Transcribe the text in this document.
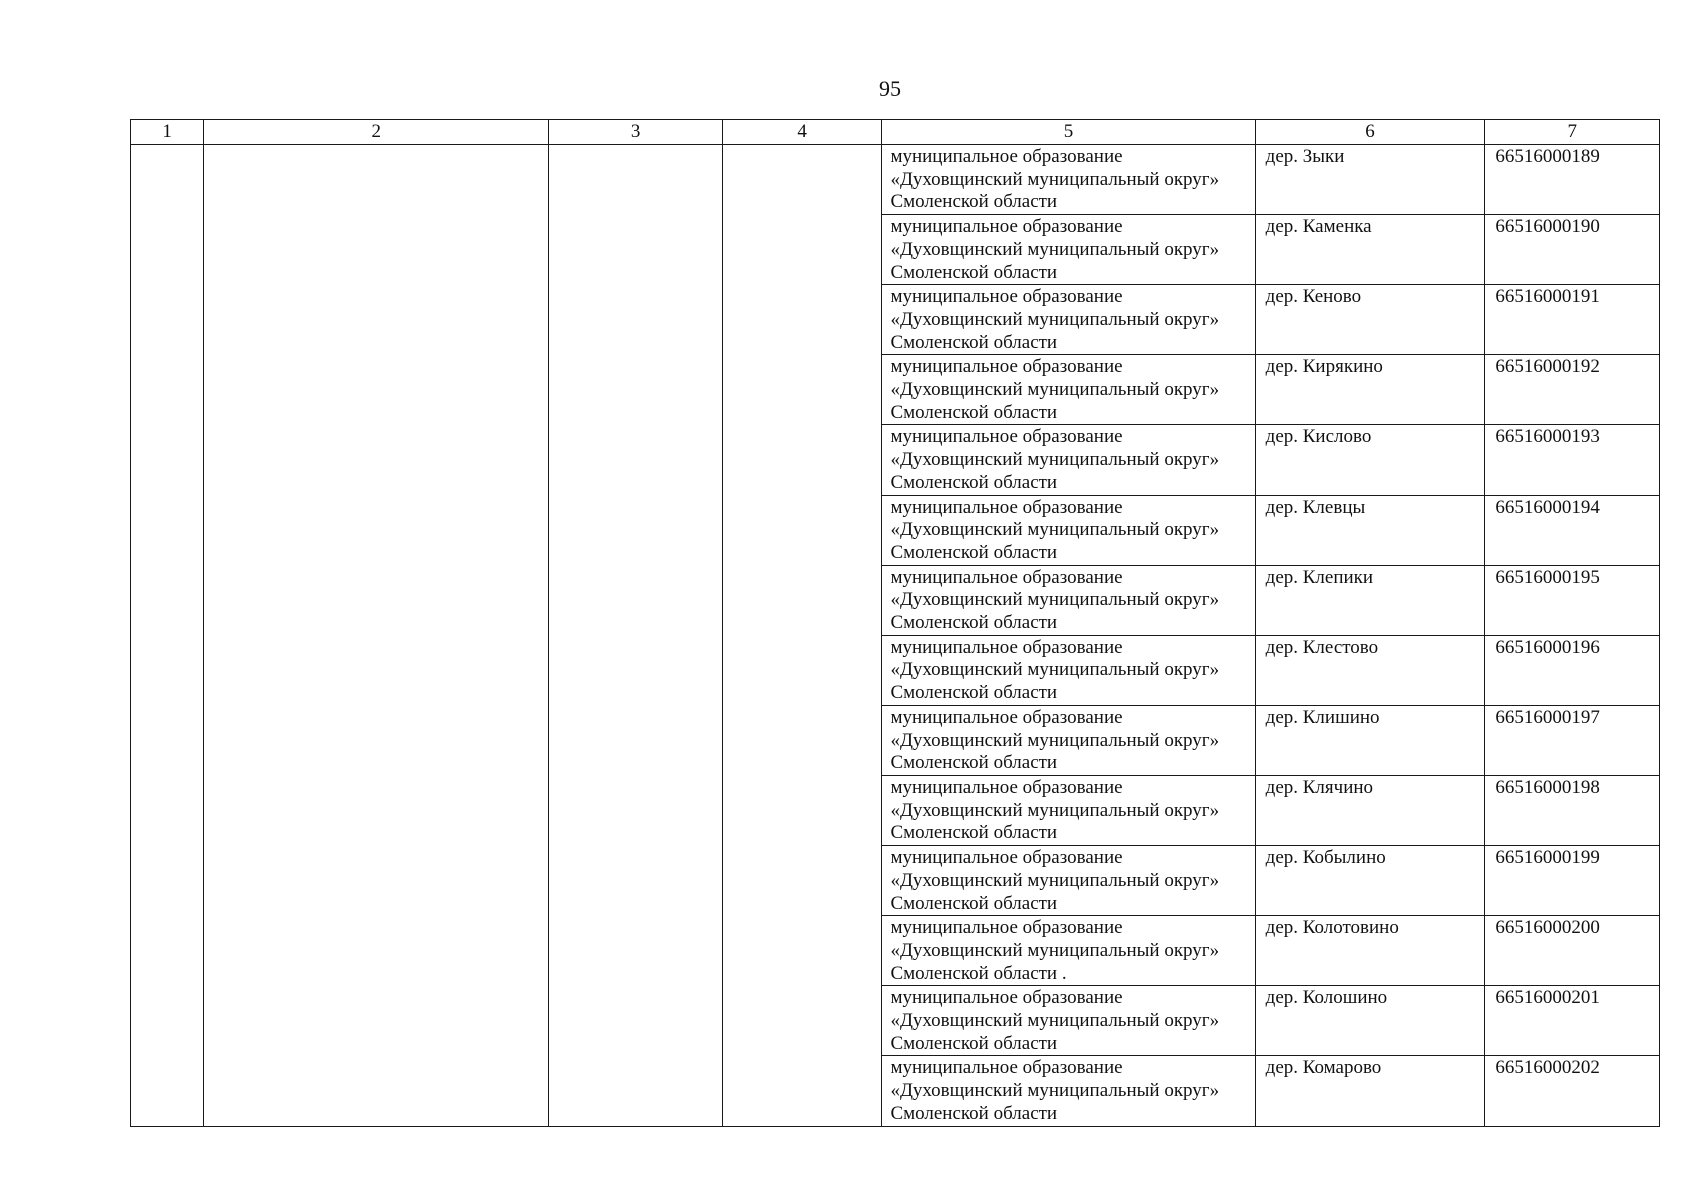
95
1	2	3	4	5	6	7
				муниципальное образование
«Духовщинский муниципальный округ»
Смоленской области	дер. Зыки	66516000189
				муниципальное образование
«Духовщинский муниципальный округ»
Смоленской области	дер. Каменка	66516000190
				муниципальное образование
«Духовщинский муниципальный округ»
Смоленской области	дер. Кеново	66516000191
				муниципальное образование
«Духовщинский муниципальный округ»
Смоленской области	дер. Кирякино	66516000192
				муниципальное образование
«Духовщинский муниципальный округ»
Смоленской области	дер. Кислово	66516000193
				муниципальное образование
«Духовщинский муниципальный округ»
Смоленской области	дер. Клевцы	66516000194
				муниципальное образование
«Духовщинский муниципальный округ»
Смоленской области	дер. Клепики	66516000195
				муниципальное образование
«Духовщинский муниципальный округ»
Смоленской области	дер. Клестово	66516000196
				муниципальное образование
«Духовщинский муниципальный округ»
Смоленской области	дер. Клишино	66516000197
				муниципальное образование
«Духовщинский муниципальный округ»
Смоленской области	дер. Клячино	66516000198
				муниципальное образование
«Духовщинский муниципальный округ»
Смоленской области	дер. Кобылино	66516000199
				муниципальное образование
«Духовщинский муниципальный округ»
Смоленской области .	дер. Колотовино	66516000200
				муниципальное образование
«Духовщинский муниципальный округ»
Смоленской области	дер. Колошино	66516000201
				муниципальное образование
«Духовщинский муниципальный округ»
Смоленской области	дер. Комарово	66516000202
